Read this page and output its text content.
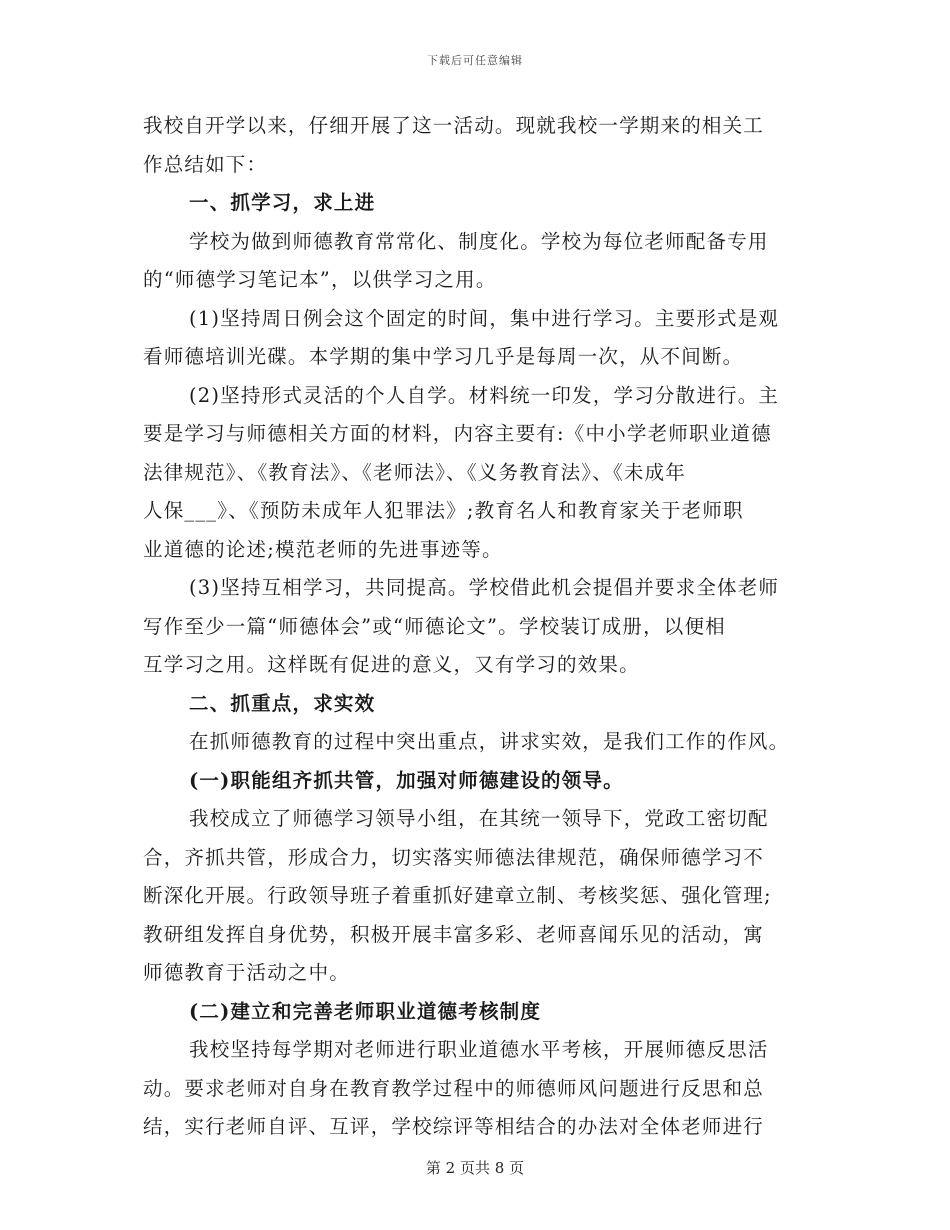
下载后可任意编辑
我校自开学以来，仔细开展了这一活动。现就我校一学期来的相关工
作总结如下：
一、抓学习，求上进
学校为做到师德教育常常化、制度化。学校为每位老师配备专用
的“师德学习笔记本”，以供学习之用。
(1)坚持周日例会这个固定的时间，集中进行学习。主要形式是观
看师德培训光碟。本学期的集中学习几乎是每周一次，从不间断。
(2)坚持形式灵活的个人自学。材料统一印发，学习分散进行。主
要是学习与师德相关方面的材料，内容主要有:《中小学老师职业道德
法律规范》、《教育法》、《老师法》、《义务教育法》、《未成年
人保___》、《预防未成年人犯罪法》;教育名人和教育家关于老师职
业道德的论述;模范老师的先进事迹等。
(3)坚持互相学习，共同提高。学校借此机会提倡并要求全体老师
写作至少一篇“师德体会”或“师德论文”。学校装订成册，以便相
互学习之用。这样既有促进的意义，又有学习的效果。
二、抓重点，求实效
在抓师德教育的过程中突出重点，讲求实效，是我们工作的作风。
(一)职能组齐抓共管，加强对师德建设的领导。
我校成立了师德学习领导小组，在其统一领导下，党政工密切配
合，齐抓共管，形成合力，切实落实师德法律规范，确保师德学习不
断深化开展。行政领导班子着重抓好建章立制、考核奖惩、强化管理;
教研组发挥自身优势，积极开展丰富多彩、老师喜闻乐见的活动，寓
师德教育于活动之中。
(二)建立和完善老师职业道德考核制度
我校坚持每学期对老师进行职业道德水平考核，开展师德反思活
动。要求老师对自身在教育教学过程中的师德师风问题进行反思和总
结，实行老师自评、互评，学校综评等相结合的办法对全体老师进行
第 2 页共 8 页
